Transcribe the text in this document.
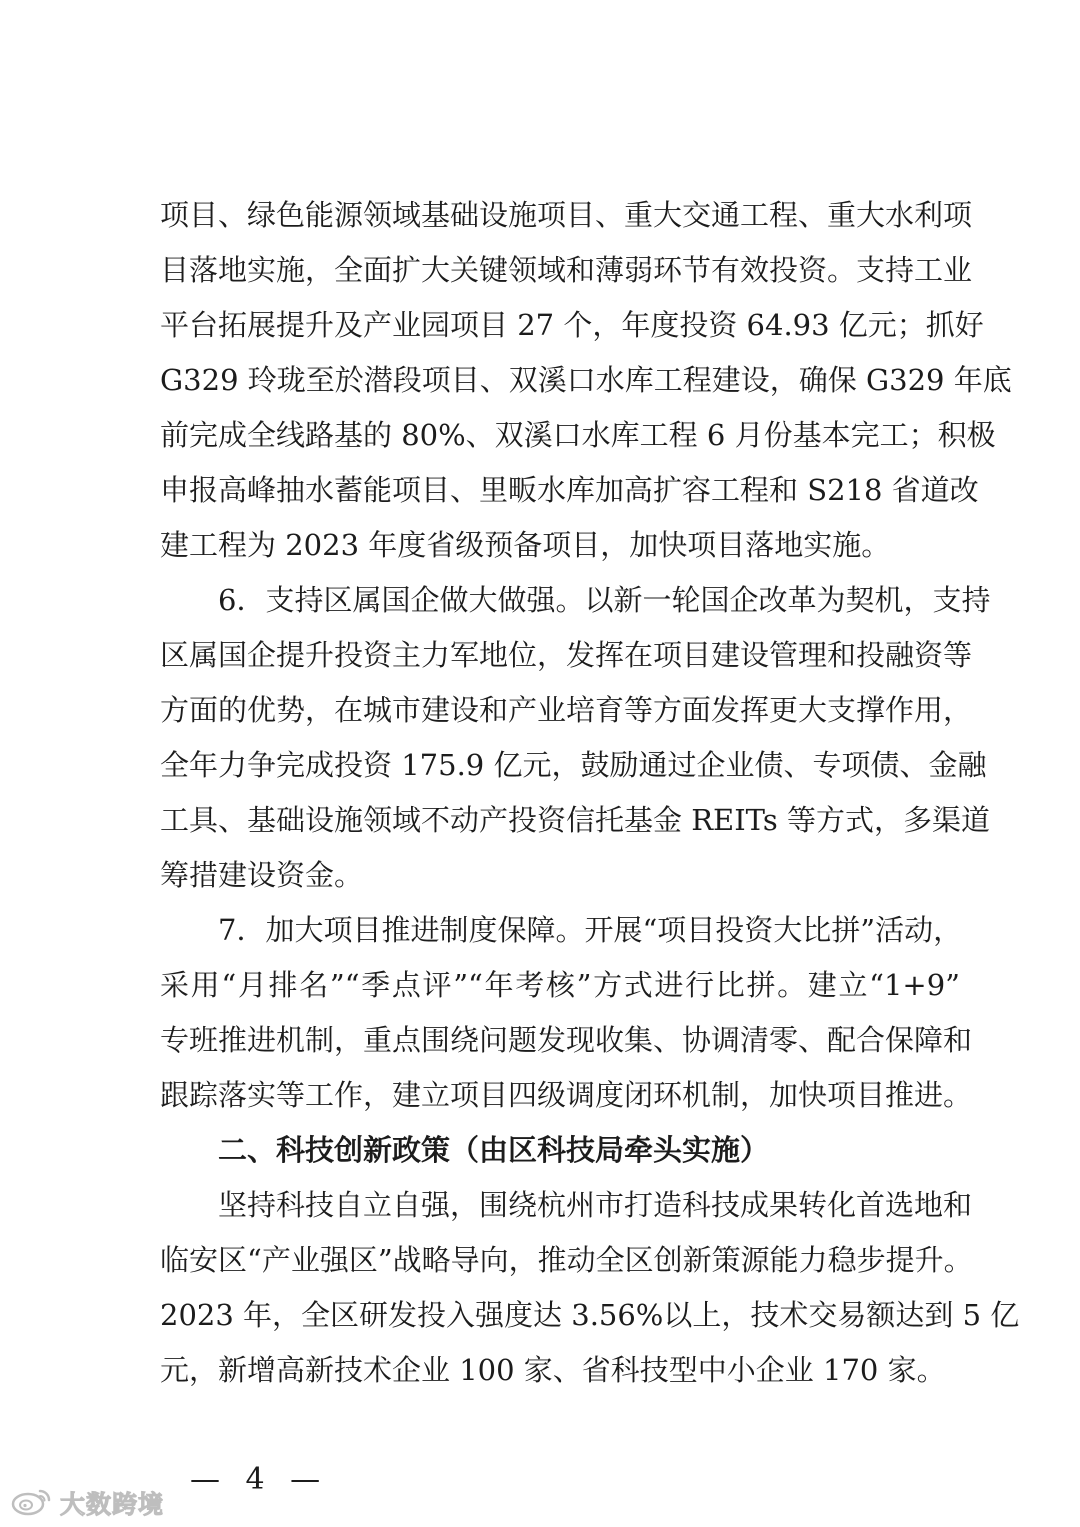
项目、绿色能源领域基础设施项目、重大交通工程、重大水利项
目落地实施，全面扩大关键领域和薄弱环节有效投资。支持工业
平台拓展提升及产业园项目 27 个，年度投资 64.93 亿元；抓好
G329 玲珑至於潜段项目、双溪口水库工程建设，确保 G329 年底
前完成全线路基的 80%、双溪口水库工程 6 月份基本完工；积极
申报高峰抽水蓄能项目、里畈水库加高扩容工程和 S218 省道改
建工程为 2023 年度省级预备项目，加快项目落地实施。
6．支持区属国企做大做强。以新一轮国企改革为契机，支持
区属国企提升投资主力军地位，发挥在项目建设管理和投融资等
方面的优势，在城市建设和产业培育等方面发挥更大支撑作用，
全年力争完成投资 175.9 亿元，鼓励通过企业债、专项债、金融
工具、基础设施领域不动产投资信托基金 REITs 等方式，多渠道
筹措建设资金。
7．加大项目推进制度保障。开展“项目投资大比拼”活动，
采用“月排名”“季点评”“年考核”方式进行比拼。建立“1+9”
专班推进机制，重点围绕问题发现收集、协调清零、配合保障和
跟踪落实等工作，建立项目四级调度闭环机制，加快项目推进。
二、科技创新政策（由区科技局牵头实施）
坚持科技自立自强，围绕杭州市打造科技成果转化首选地和
临安区“产业强区”战略导向，推动全区创新策源能力稳步提升。
2023 年，全区研发投入强度达 3.56%以上，技术交易额达到 5 亿
元，新增高新技术企业 100 家、省科技型中小企业 170 家。
— 4 —
大数跨境
